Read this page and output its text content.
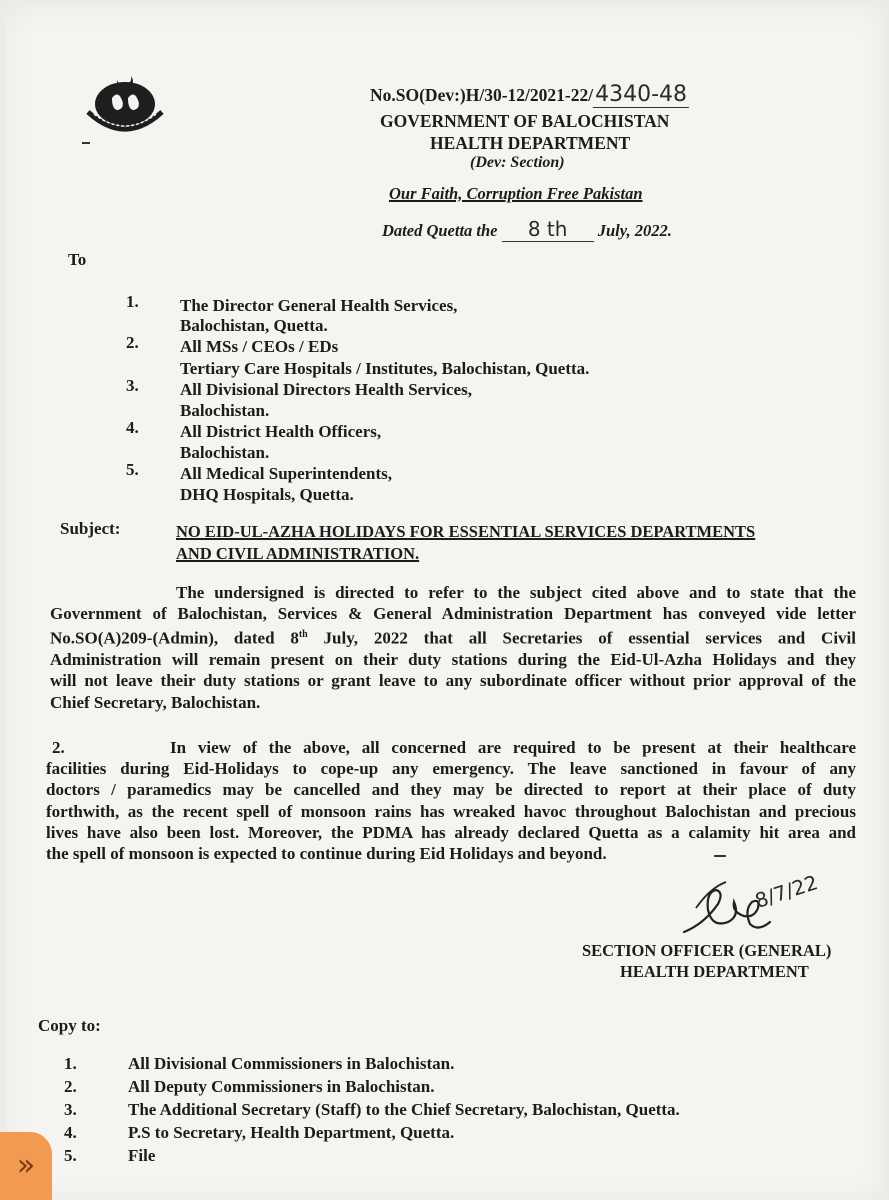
No.SO(Dev:)H/30-12/2021-22/4340-48
GOVERNMENT OF BALOCHISTAN
HEALTH DEPARTMENT
(Dev: Section)
Our Faith, Corruption Free Pakistan
Dated Quetta the 8 th July, 2022.
To
1. The Director General Health Services,
Balochistan, Quetta.
2. All MSs / CEOs / EDs
Tertiary Care Hospitals / Institutes, Balochistan, Quetta.
3. All Divisional Directors Health Services,
Balochistan.
4. All District Health Officers,
Balochistan.
5. All Medical Superintendents,
DHQ Hospitals, Quetta.
Subject:	NO EID-UL-AZHA HOLIDAYS FOR ESSENTIAL SERVICES DEPARTMENTS
AND CIVIL ADMINISTRATION.
The undersigned is directed to refer to the subject cited above and to state that the
Government of Balochistan, Services & General Administration Department has conveyed vide letter
No.SO(A)209-(Admin), dated 8th July, 2022 that all Secretaries of essential services and Civil
Administration will remain present on their duty stations during the Eid-Ul-Azha Holidays and they
will not leave their duty stations or grant leave to any subordinate officer without prior approval of the
Chief Secretary, Balochistan.
2.	In view of the above, all concerned are required to be present at their healthcare
facilities during Eid-Holidays to cope-up any emergency. The leave sanctioned in favour of any
doctors / paramedics may be cancelled and they may be directed to report at their place of duty
forthwith, as the recent spell of monsoon rains has wreaked havoc throughout Balochistan and precious
lives have also been lost. Moreover, the PDMA has already declared Quetta as a calamity hit area and
the spell of monsoon is expected to continue during Eid Holidays and beyond.
8/7/22
SECTION OFFICER (GENERAL)
HEALTH DEPARTMENT
Copy to:
1.	All Divisional Commissioners in Balochistan.
2.	All Deputy Commissioners in Balochistan.
3.	The Additional Secretary (Staff) to the Chief Secretary, Balochistan, Quetta.
4.	P.S to Secretary, Health Department, Quetta.
5.	File
»
